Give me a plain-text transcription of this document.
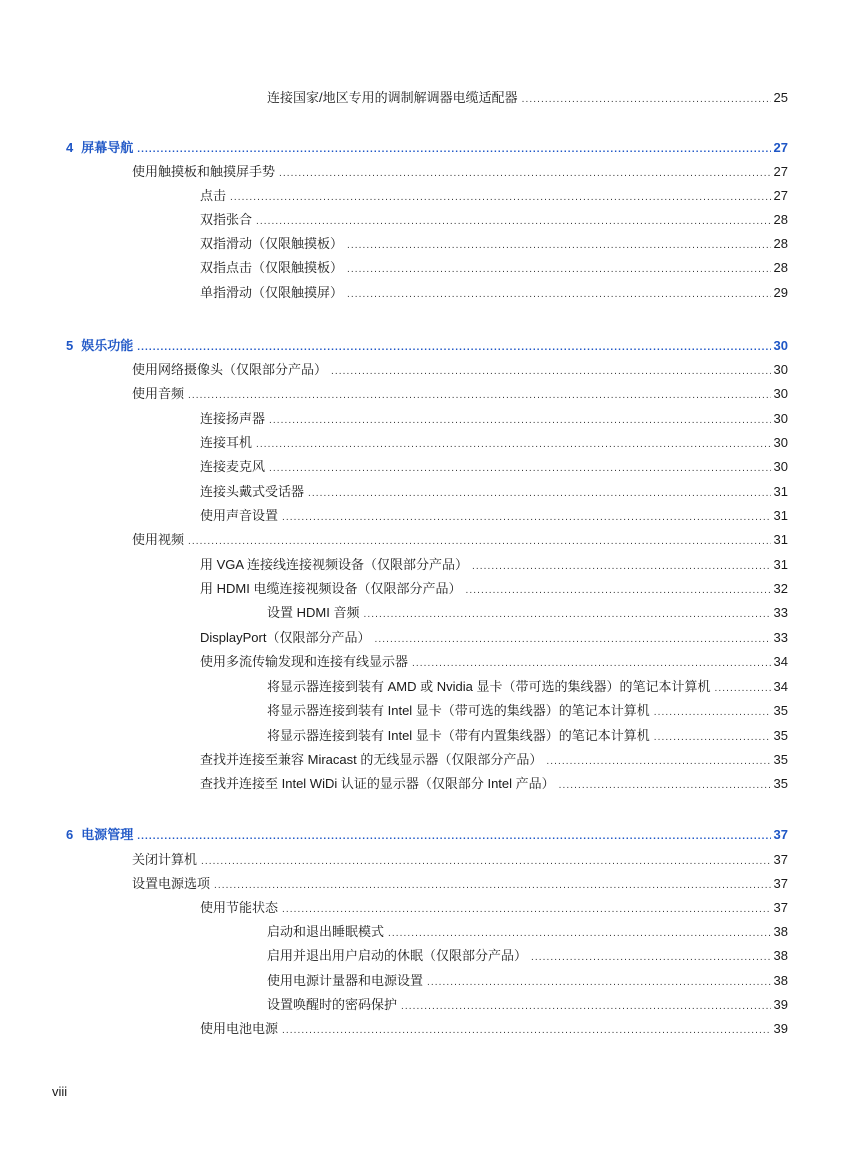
连接国家/地区专用的调制解调器电缆适配器 .....	25
4 屏幕导航 .....	27
使用触摸板和触摸屏手势 .....	27
点击 .....	27
双指张合 .....	28
双指滑动（仅限触摸板） .....	28
双指点击（仅限触摸板） .....	28
单指滑动（仅限触摸屏） .....	29
5 娱乐功能 .....	30
使用网络摄像头（仅限部分产品） .....	30
使用音频 .....	30
连接扬声器 .....	30
连接耳机 .....	30
连接麦克风 .....	30
连接头戴式受话器 .....	31
使用声音设置 .....	31
使用视频 .....	31
用 VGA 连接线连接视频设备（仅限部分产品） .....	31
用 HDMI 电缆连接视频设备（仅限部分产品） .....	32
设置 HDMI 音频 .....	33
DisplayPort（仅限部分产品） .....	33
使用多流传输发现和连接有线显示器 .....	34
将显示器连接到装有 AMD 或 Nvidia 显卡（带可选的集线器）的笔记本计算机 .....	34
将显示器连接到装有 Intel 显卡（带可选的集线器）的笔记本计算机 .....	35
将显示器连接到装有 Intel 显卡（带有内置集线器）的笔记本计算机 .....	35
查找并连接至兼容 Miracast 的无线显示器（仅限部分产品） .....	35
查找并连接至 Intel WiDi 认证的显示器（仅限部分 Intel 产品） .....	35
6 电源管理 .....	37
关闭计算机 .....	37
设置电源选项 .....	37
使用节能状态 .....	37
启动和退出睡眠模式 .....	38
启用并退出用户启动的休眠（仅限部分产品） .....	38
使用电源计量器和电源设置 .....	38
设置唤醒时的密码保护 .....	39
使用电池电源 .....	39
viii
